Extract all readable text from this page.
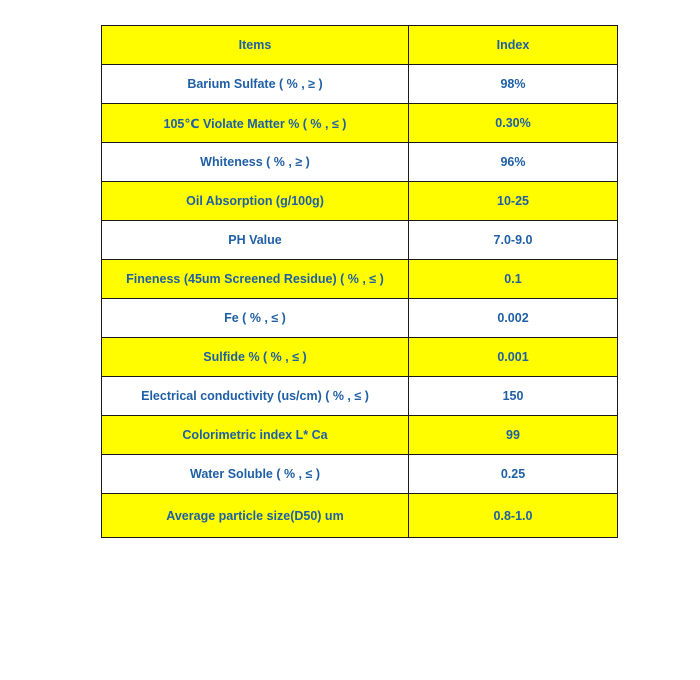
Items	Index
Barium Sulfate ( % , ≥ )	98%
105℃ Violate Matter % ( % , ≤ )	0.30%
Whiteness ( % , ≥ )	96%
Oil Absorption (g/100g)	10-25
PH Value	7.0-9.0
Fineness (45um Screened Residue) ( % , ≤ )	0.1
Fe ( % , ≤ )	0.002
Sulfide % ( % , ≤ )	0.001
Electrical conductivity (us/cm) ( % , ≤ )	150
Colorimetric index L* Ca	99
Water Soluble ( % , ≤ )	0.25
Average particle size(D50) um	0.8-1.0
